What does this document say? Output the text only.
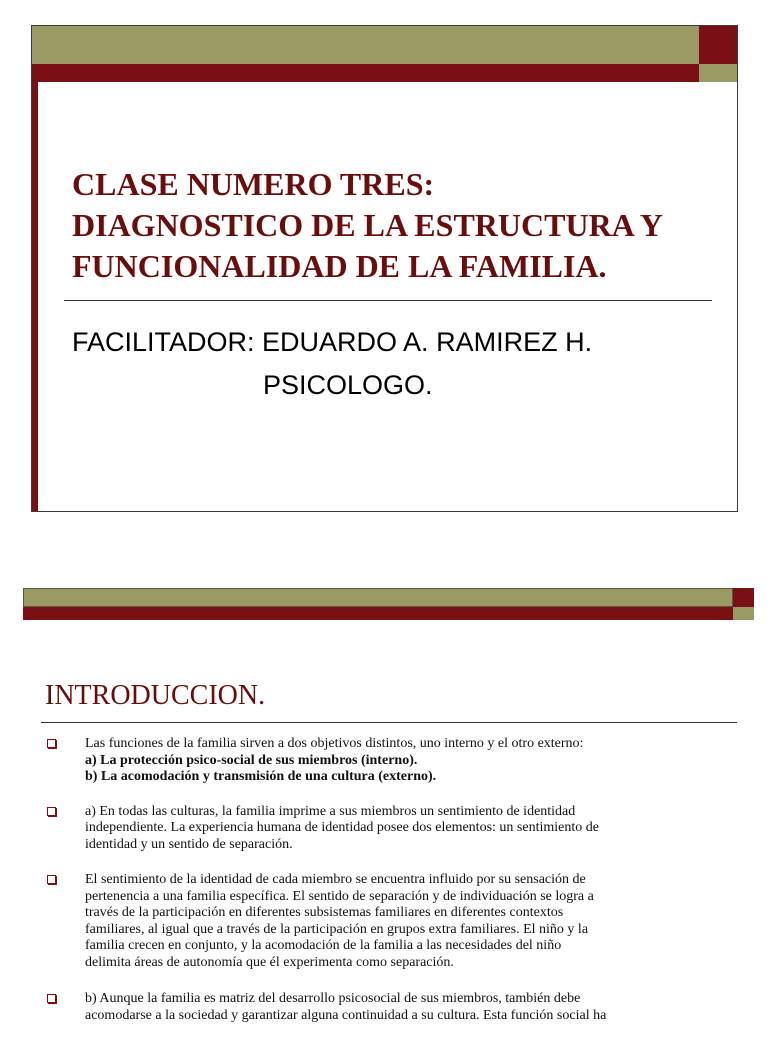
CLASE NUMERO TRES:
DIAGNOSTICO DE LA ESTRUCTURA Y
FUNCIONALIDAD DE LA FAMILIA.
FACILITADOR: EDUARDO A. RAMIREZ H.
PSICOLOGO.
INTRODUCCION.
Las funciones de la familia sirven a dos objetivos distintos, uno interno y el otro externo:
a) La protección psico-social de sus miembros (interno).
b) La acomodación y transmisión de una cultura (externo).
a) En todas las culturas, la familia imprime a sus miembros un sentimiento de identidad
independiente. La experiencia humana de identidad posee dos elementos: un sentimiento de
identidad y un sentido de separación.
El sentimiento de la identidad de cada miembro se encuentra influido por su sensación de
pertenencia a una familia específica. El sentido de separación y de individuación se logra a
través de la participación en diferentes subsistemas familiares en diferentes contextos
familiares, al igual que a través de la participación en grupos extra familiares. El niño y la
familia crecen en conjunto, y la acomodación de la familia a las necesidades del niño
delimita áreas de autonomía que él experimenta como separación.
b) Aunque la familia es matriz del desarrollo psicosocial de sus miembros, también debe
acomodarse a la sociedad y garantizar alguna continuidad a su cultura. Esta función social ha
